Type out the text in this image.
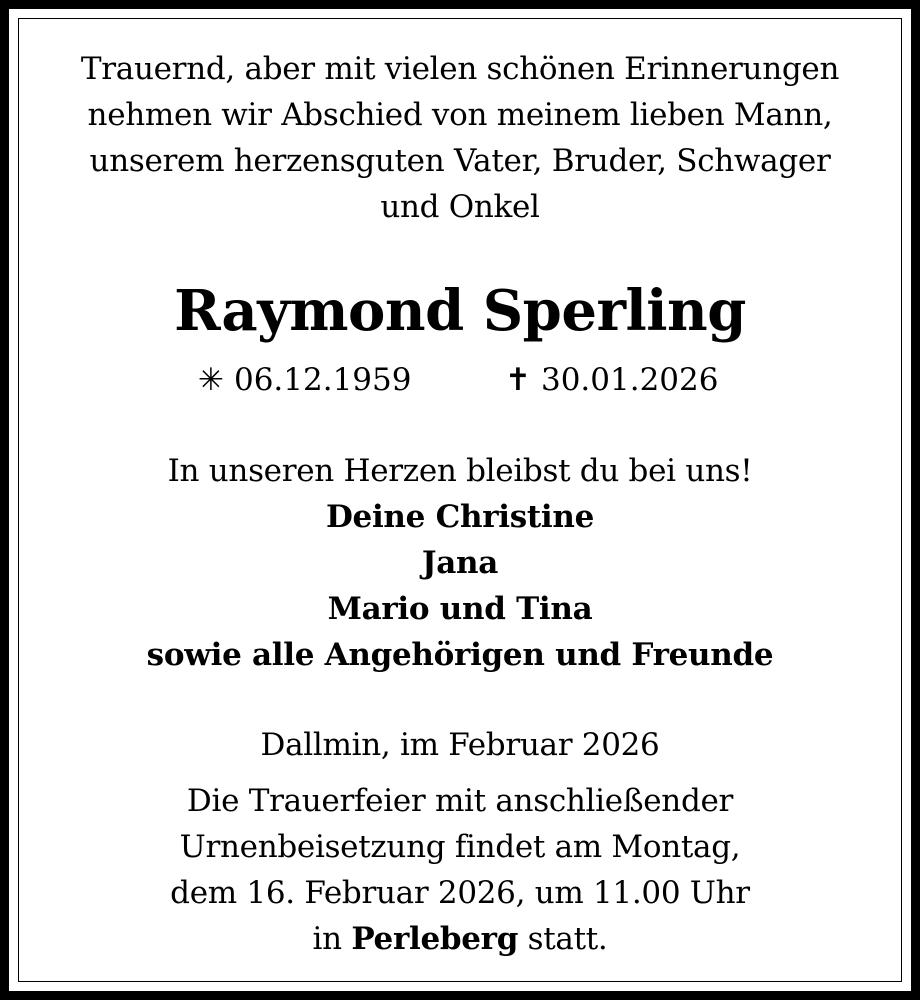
Trauernd, aber mit vielen schönen Erinnerungen
nehmen wir Abschied von meinem lieben Mann,
unserem herzensguten Vater, Bruder, Schwager
und Onkel
Raymond Sperling
✳ 06.12.1959	✝ 30.01.2026
In unseren Herzen bleibst du bei uns!
Deine Christine
Jana
Mario und Tina
sowie alle Angehörigen und Freunde
Dallmin, im Februar 2026
Die Trauerfeier mit anschließender
Urnenbeisetzung findet am Montag,
dem 16. Februar 2026, um 11.00 Uhr
in Perleberg statt.
